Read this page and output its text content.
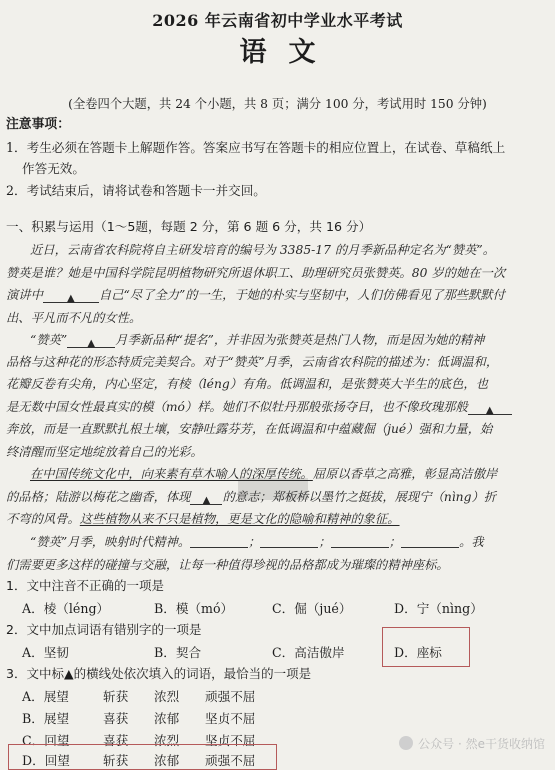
2026 年云南省初中学业水平考试
语文
(全卷四个大题，共 24 个小题，共 8 页；满分 100 分，考试用时 150 分钟)
注意事项：
1．考生必须在答题卡上解题作答。答案应书写在答题卡的相应位置上，在试卷、草稿纸上
作答无效。
2．考试结束后，请将试卷和答题卡一并交回。
一、积累与运用（1～5题，每题 2 分，第 6 题 6 分，共 16 分）
近日，云南省农科院将自主研发培育的编号为 3385-17 的月季新品种定名为“赞英”。
赞英是谁？她是中国科学院昆明植物研究所退休职工、助理研究员张赞英。80 岁的她在一次
演讲中 ▲ 自己“尽了全力”的一生，于她的朴实与坚韧中，人们仿佛看见了那些默默付
出、平凡而不凡的女性。
“赞英” ▲ 月季新品种“提名”，并非因为张赞英是热门人物，而是因为她的精神
品格与这种花的形态特质完美契合。对于“赞英”月季，云南省农科院的描述为：低调温和，
花瓣反卷有尖角，内心坚定，有棱（léng）有角。低调温和，是张赞英大半生的底色，也
是无数中国女性最真实的模（mó）样。她们不似牡丹那般张扬夺目，也不像玫瑰那般 ▲
奔放，而是一直默默扎根土壤，安静吐露芬芳，在低调温和中蕴藏倔（jué）强和力量，始
终清醒而坚定地绽放着自己的光彩。
在中国传统文化中，向来素有草木喻人的深厚传统。屈原以香草之高雅，彰显高洁傲岸
的品格；陆游以梅花之幽香，体现 ▲ 的意志；郑板桥以墨竹之挺拔，展现宁（nìng）折
不弯的风骨。这些植物从来不只是植物，更是文化的隐喻和精神的象征。
“赞英”月季，映射时代精神。	；	；	；	。我
们需要更多这样的碰撞与交融，让每一种值得珍视的品格都成为璀璨的精神座标。
1．文中注音不正确的一项是
A．棱（léng）	B．模（mó）	C．倔（jué）	D．宁（nìng）
2．文中加点词语有错别字的一项是
A．坚韧	B．契合	C．高洁傲岸	D．座标
3．文中标▲的横线处依次填入的词语，最恰当的一项是
A．展望	斩获 浓烈 顽强不屈
B．展望	喜获 浓郁 坚贞不屈
C．回望	喜获 浓烈 坚贞不屈
D．回望	斩获 浓郁 顽强不屈
公众号 · 然e干货收纳馆
